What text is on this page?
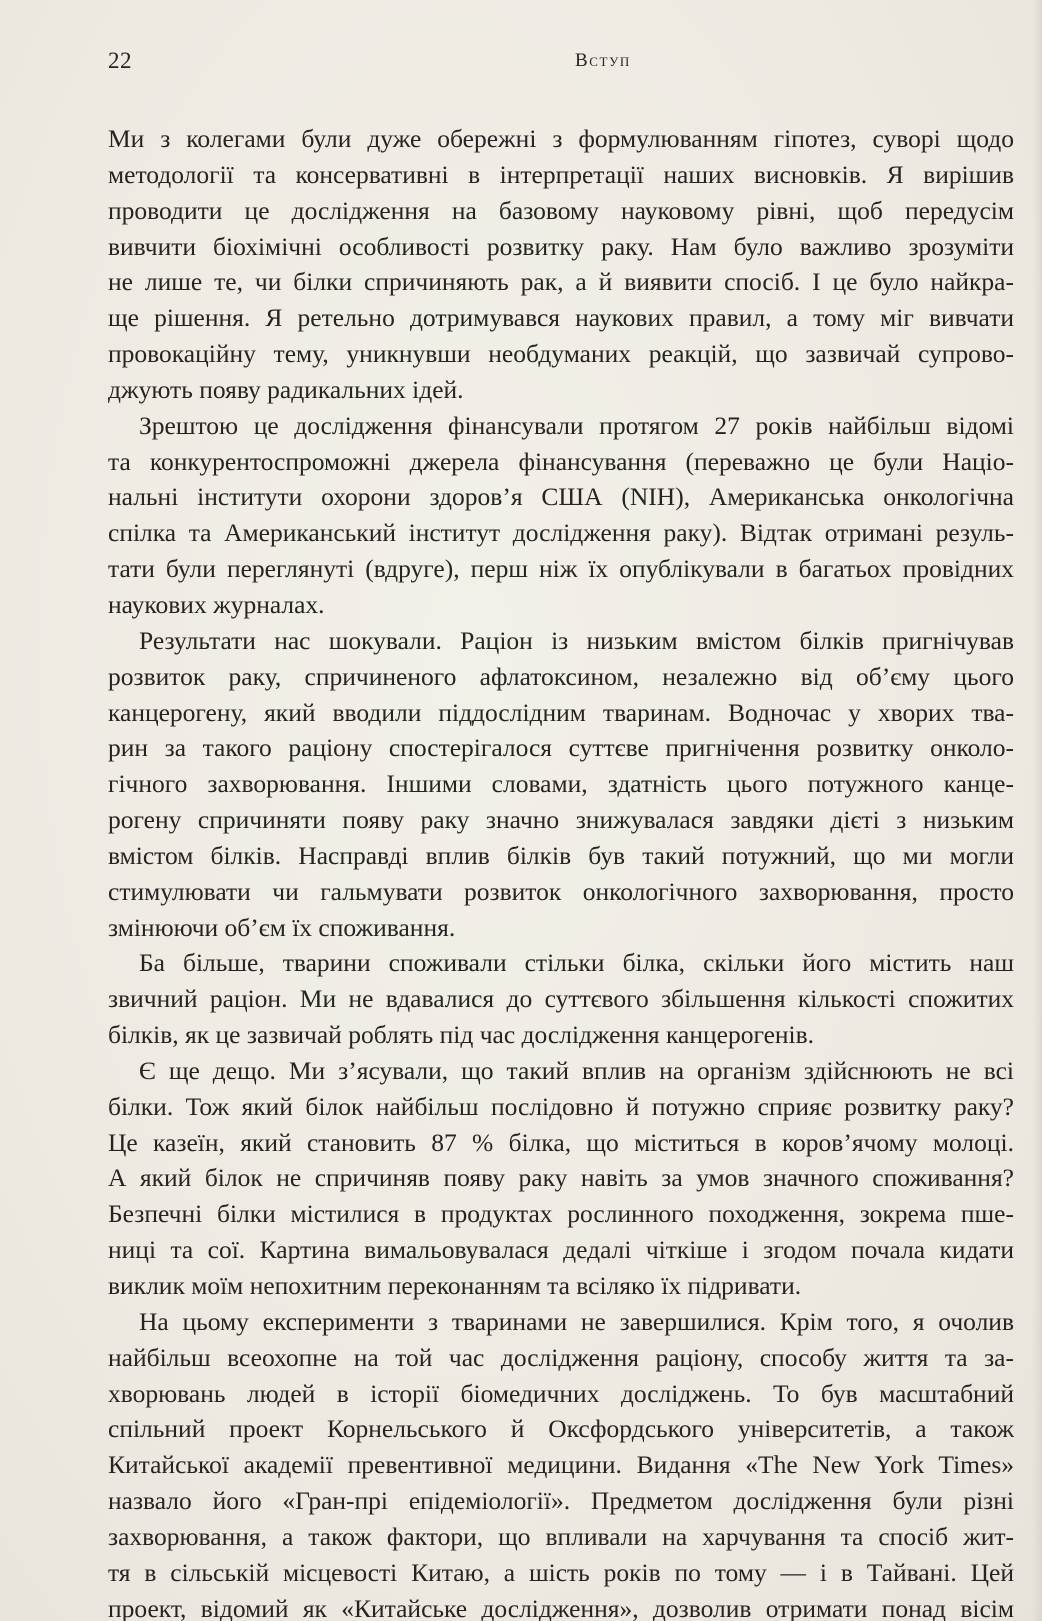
22	Вступ
Ми з колегами були дуже обережні з формулюванням гіпотез, суворі щодо
методології та консервативні в інтерпретації наших висновків. Я вирішив
проводити це дослідження на базовому науковому рівні, щоб передусім
вивчити біохімічні особливості розвитку раку. Нам було важливо зрозуміти
не лише те, чи білки спричиняють рак, а й виявити спосіб. І це було найкра-
ще рішення. Я ретельно дотримувався наукових правил, а тому міг вивчати
провокаційну тему, уникнувши необдуманих реакцій, що зазвичай супрово-
джують появу радикальних ідей.
Зрештою це дослідження фінансували протягом 27 років найбільш відомі
та конкурентоспроможні джерела фінансування (переважно це були Націо-
нальні інститути охорони здоров’я США (NIH), Американська онкологічна
спілка та Американський інститут дослідження раку). Відтак отримані резуль-
тати були переглянуті (вдруге), перш ніж їх опублікували в багатьох провідних
наукових журналах.
Результати нас шокували. Раціон із низьким вмістом білків пригнічував
розвиток раку, спричиненого афлатоксином, незалежно від об’єму цього
канцерогену, який вводили піддослідним тваринам. Водночас у хворих тва-
рин за такого раціону спостерігалося суттєве пригнічення розвитку онколо-
гічного захворювання. Іншими словами, здатність цього потужного канце-
рогену спричиняти появу раку значно знижувалася завдяки дієті з низьким
вмістом білків. Насправді вплив білків був такий потужний, що ми могли
стимулювати чи гальмувати розвиток онкологічного захворювання, просто
змінюючи об’єм їх споживання.
Ба більше, тварини споживали стільки білка, скільки його містить наш
звичний раціон. Ми не вдавалися до суттєвого збільшення кількості спожитих
білків, як це зазвичай роблять під час дослідження канцерогенів.
Є ще дещо. Ми з’ясували, що такий вплив на організм здійснюють не всі
білки. Тож який білок найбільш послідовно й потужно сприяє розвитку раку?
Це казеїн, який становить 87 % білка, що міститься в коров’ячому молоці.
А який білок не спричиняв появу раку навіть за умов значного споживання?
Безпечні білки містилися в продуктах рослинного походження, зокрема пше-
ниці та сої. Картина вимальовувалася дедалі чіткіше і згодом почала кидати
виклик моїм непохитним переконанням та всіляко їх підривати.
На цьому експерименти з тваринами не завершилися. Крім того, я очолив
найбільш всеохопне на той час дослідження раціону, способу життя та за-
хворювань людей в історії біомедичних досліджень. То був масштабний
спільний проект Корнельського й Оксфордського університетів, а також
Китайської академії превентивної медицини. Видання «The New York Times»
назвало його «Гран-прі епідеміології». Предметом дослідження були різні
захворювання, а також фактори, що впливали на харчування та спосіб жит-
тя в сільській місцевості Китаю, а шість років по тому — і в Тайвані. Цей
проект, відомий як «Китайське дослідження», дозволив отримати понад вісім
